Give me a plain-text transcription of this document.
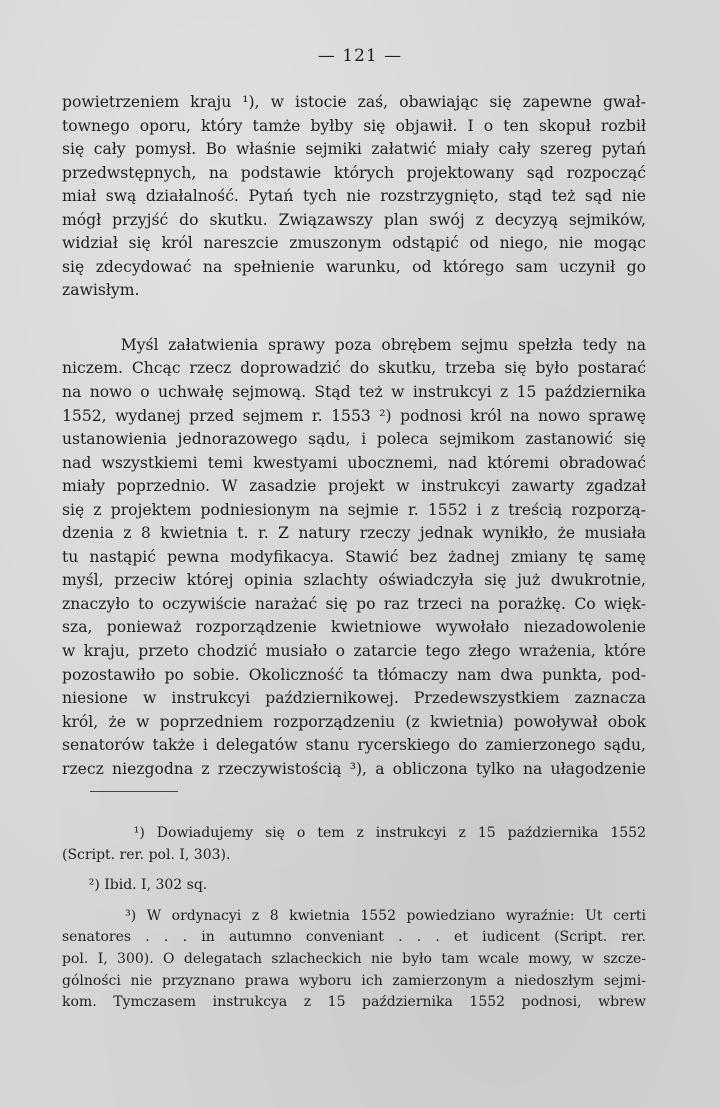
— 121 —

powietrzeniem kraju ¹), w istocie zaś, obawiając się zapewne gwał-
townego oporu, który tamże byłby się objawił. I o ten skopuł rozbił
się cały pomysł. Bo właśnie sejmiki załatwić miały cały szereg pytań
przedwstępnych, na podstawie których projektowany sąd rozpocząć
miał swą działalność. Pytań tych nie rozstrzygnięto, stąd też sąd nie
mógł przyjść do skutku. Związawszy plan swój z decyzyą sejmików,
widział się król nareszcie zmuszonym odstąpić od niego, nie mogąc
się zdecydować na spełnienie warunku, od którego sam uczynił go
zawisłym.

Myśl załatwienia sprawy poza obrębem sejmu spełzła tedy na
niczem. Chcąc rzecz doprowadzić do skutku, trzeba się było postarać
na nowo o uchwałę sejmową. Stąd też w instrukcyi z 15 października
1552, wydanej przed sejmem r. 1553 ²) podnosi król na nowo sprawę
ustanowienia jednorazowego sądu, i poleca sejmikom zastanowić się
nad wszystkiemi temi kwestyami ubocznemi, nad któremi obradować
miały poprzednio. W zasadzie projekt w instrukcyi zawarty zgadzał
się z projektem podniesionym na sejmie r. 1552 i z treścią rozporzą-
dzenia z 8 kwietnia t. r. Z natury rzeczy jednak wynikło, że musiała
tu nastąpić pewna modyfikacya. Stawić bez żadnej zmiany tę samę
myśl, przeciw której opinia szlachty oświadczyła się już dwukrotnie,
znaczyło to oczywiście narażać się po raz trzeci na porażkę. Co więk-
sza, ponieważ rozporządzenie kwietniowe wywołało niezadowolenie
w kraju, przeto chodzić musiało o zatarcie tego złego wrażenia, które
pozostawiło po sobie. Okoliczność ta tłómaczy nam dwa punkta, pod-
niesione w instrukcyi październikowej. Przedewszystkiem zaznacza
król, że w poprzedniem rozporządzeniu (z kwietnia) powoływał obok
senatorów także i delegatów stanu rycerskiego do zamierzonego sądu,
rzecz niezgodna z rzeczywistością ³), a obliczona tylko na ułagodzenie

¹) Dowiadujemy się o tem z instrukcyi z 15 października 1552
(Script. rer. pol. I, 303).

²) Ibid. I, 302 sq.

³) W ordynacyi z 8 kwietnia 1552 powiedziano wyraźnie: Ut certi
senatores . . . in autumno conveniant . . . et iudicent (Script. rer.
pol. I, 300). O delegatach szlacheckich nie było tam wcale mowy, w szcze-
gólności nie przyznano prawa wyboru ich zamierzonym a niedoszłym sejmi-
kom. Tymczasem instrukcya z 15 października 1552 podnosi, wbrew
